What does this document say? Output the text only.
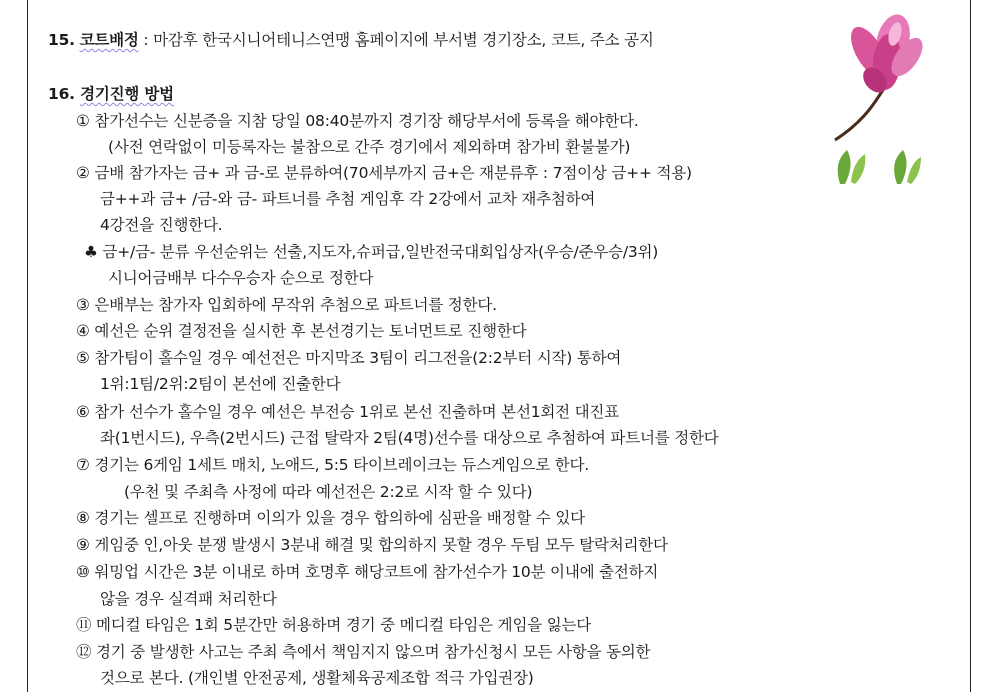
15. 코트배정 : 마감후 한국시니어테니스연맹 홈페이지에 부서별 경기장소, 코트, 주소 공지
16. 경기진행 방법
① 참가선수는 신분증을 지참 당일 08:40분까지 경기장 해당부서에 등록을 해야한다.
(사전 연락없이 미등록자는 불참으로 간주 경기에서 제외하며 참가비 환불불가)
② 금배 참가자는 금+ 과 금-로 분류하여(70세부까지 금+은 재분류후 : 7점이상 금++ 적용)
금++과 금+ /금-와 금- 파트너를 추첨 게임후 각 2강에서 교차 재추첨하여
4강전을 진행한다.
♣ 금+/금- 분류 우선순위는 선출,지도자,슈퍼급,일반전국대회입상자(우승/준우승/3위)
시니어금배부 다수우승자 순으로 정한다
③ 은배부는 참가자 입회하에 무작위 추첨으로 파트너를 정한다.
④ 예선은 순위 결정전을 실시한 후 본선경기는 토너먼트로 진행한다
⑤ 참가팀이 홀수일 경우 예선전은 마지막조 3팀이 리그전을(2:2부터 시작) 통하여
1위:1팀/2위:2팀이 본선에 진출한다
⑥ 참가 선수가 홀수일 경우 예선은 부전승 1위로 본선 진출하며 본선1회전 대진표
좌(1번시드), 우측(2번시드) 근접 탈락자 2팀(4명)선수를 대상으로 추첨하여 파트너를 정한다
⑦ 경기는 6게임 1세트 매치, 노애드, 5:5 타이브레이크는 듀스게임으로 한다.
(우천 및 주최측 사정에 따라 예선전은 2:2로 시작 할 수 있다)
⑧ 경기는 셀프로 진행하며 이의가 있을 경우 합의하에 심판을 배정할 수 있다
⑨ 게임중 인,아웃 분쟁 발생시 3분내 해결 및 합의하지 못할 경우 두팀 모두 탈락처리한다
⑩ 워밍업 시간은 3분 이내로 하며 호명후 해당코트에 참가선수가 10분 이내에 출전하지
않을 경우 실격패 처리한다
⑪ 메디컬 타임은 1회 5분간만 허용하며 경기 중 메디컬 타임은 게임을 잃는다
⑫ 경기 중 발생한 사고는 주최 측에서 책임지지 않으며 참가신청시 모든 사항을 동의한
것으로 본다. (개인별 안전공제, 생활체육공제조합 적극 가입권장)
